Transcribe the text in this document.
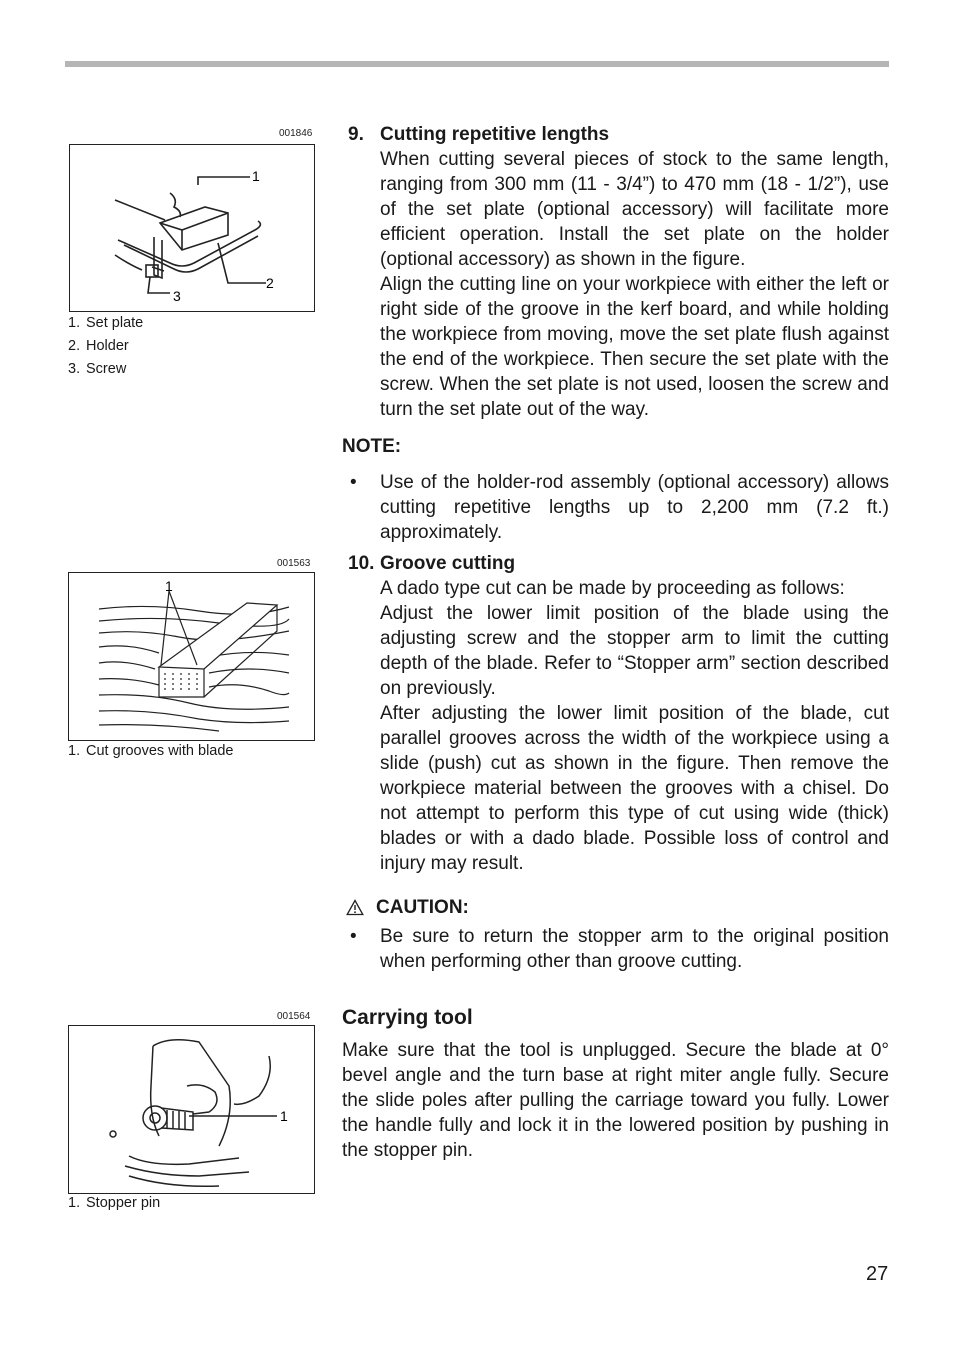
001846
1
2
3
1. Set plate
2. Holder
3. Screw
001563
1
1. Cut grooves with blade
001564
1
1. Stopper pin
9. Cutting repetitive lengths
When cutting several pieces of stock to the same length, ranging from 300 mm (11 - 3/4”) to 470 mm (18 - 1/2”), use of the set plate (optional accessory) will facilitate more efficient operation. Install the set plate on the holder (optional accessory) as shown in the figure.
Align the cutting line on your workpiece with either the left or right side of the groove in the kerf board, and while holding the workpiece from moving, move the set plate flush against the end of the workpiece. Then secure the set plate with the screw. When the set plate is not used, loosen the screw and turn the set plate out of the way.
NOTE:
• Use of the holder-rod assembly (optional accessory) allows cutting repetitive lengths up to 2,200 mm (7.2 ft.) approximately.
10. Groove cutting
A dado type cut can be made by proceeding as follows:
Adjust the lower limit position of the blade using the adjusting screw and the stopper arm to limit the cutting depth of the blade. Refer to “Stopper arm” section described on previously.
After adjusting the lower limit position of the blade, cut parallel grooves across the width of the workpiece using a slide (push) cut as shown in the figure. Then remove the workpiece material between the grooves with a chisel. Do not attempt to perform this type of cut using wide (thick) blades or with a dado blade. Possible loss of control and injury may result.
CAUTION:
• Be sure to return the stopper arm to the original position when performing other than groove cutting.
Carrying tool
Make sure that the tool is unplugged. Secure the blade at 0° bevel angle and the turn base at right miter angle fully. Secure the slide poles after pulling the carriage toward you fully. Lower the handle fully and lock it in the lowered position by pushing in the stopper pin.
27
